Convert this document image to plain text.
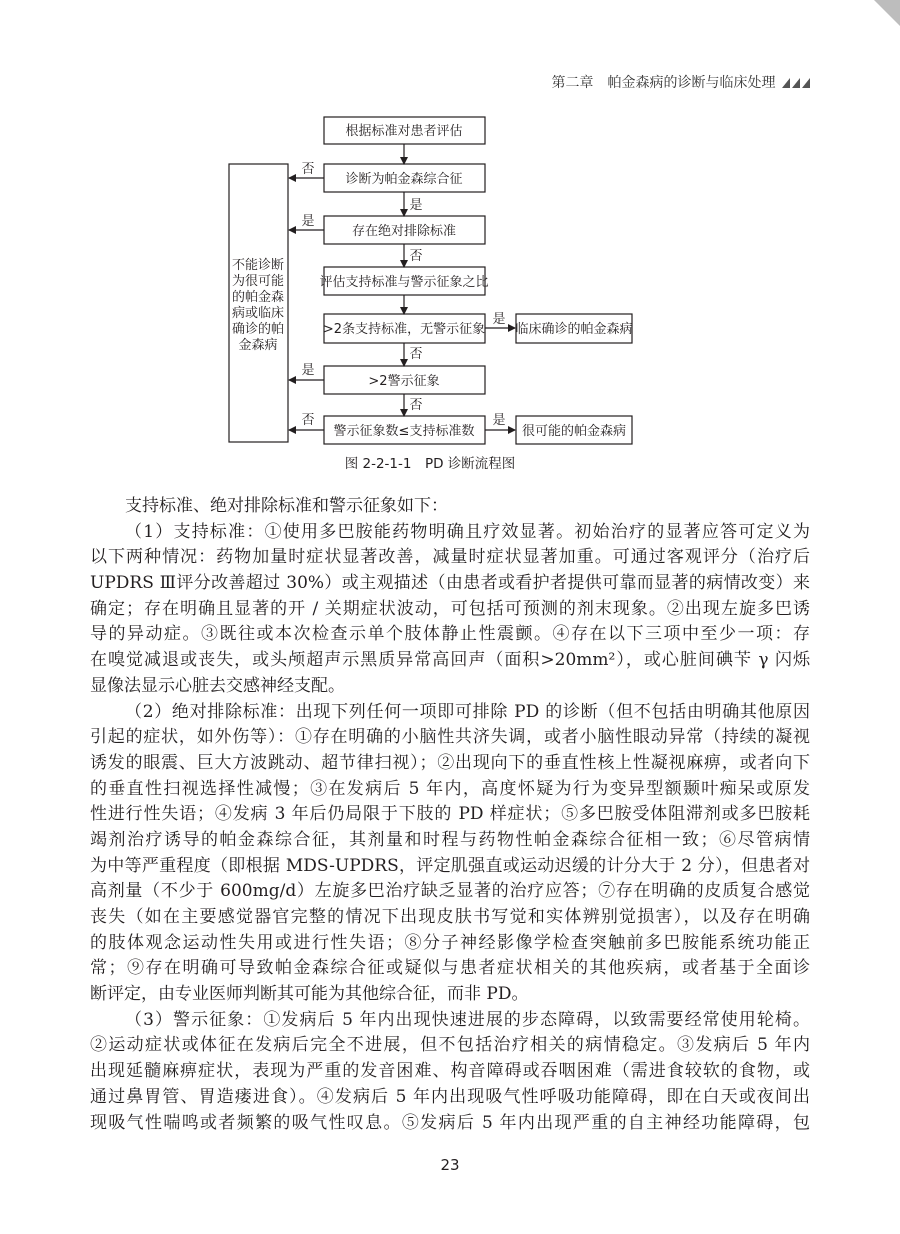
第二章 帕金森病的诊断与临床处理
根据标准对患者评估
诊断为帕金森综合征
存在绝对排除标准
评估支持标准与警示征象之比
>2条支持标准，无警示征象
>2警示征象
警示征象数≤支持标准数
临床确诊的帕金森病
很可能的帕金森病
不能诊断
为很可能
的帕金森
病或临床
确诊的帕
金森病
否
是
是
否
是
否
否
否
是
是
图 2-2-1-1　PD 诊断流程图
支持标准、绝对排除标准和警示征象如下：
（1）支持标准：①使用多巴胺能药物明确且疗效显著。初始治疗的显著应答可定义为
以下两种情况：药物加量时症状显著改善，减量时症状显著加重。可通过客观评分（治疗后
UPDRS Ⅲ评分改善超过 30%）或主观描述（由患者或看护者提供可靠而显著的病情改变）来
确定；存在明确且显著的开 / 关期症状波动，可包括可预测的剂末现象。②出现左旋多巴诱
导的异动症。③既往或本次检查示单个肢体静止性震颤。④存在以下三项中至少一项：存
在嗅觉减退或丧失，或头颅超声示黑质异常高回声（面积>20mm²），或心脏间碘苄 γ 闪烁
显像法显示心脏去交感神经支配。
（2）绝对排除标准：出现下列任何一项即可排除 PD 的诊断（但不包括由明确其他原因
引起的症状，如外伤等）：①存在明确的小脑性共济失调，或者小脑性眼动异常（持续的凝视
诱发的眼震、巨大方波跳动、超节律扫视）；②出现向下的垂直性核上性凝视麻痹，或者向下
的垂直性扫视选择性减慢；③在发病后 5 年内，高度怀疑为行为变异型额颞叶痴呆或原发
性进行性失语；④发病 3 年后仍局限于下肢的 PD 样症状；⑤多巴胺受体阻滞剂或多巴胺耗
竭剂治疗诱导的帕金森综合征，其剂量和时程与药物性帕金森综合征相一致；⑥尽管病情
为中等严重程度（即根据 MDS-UPDRS，评定肌强直或运动迟缓的计分大于 2 分），但患者对
高剂量（不少于 600mg/d）左旋多巴治疗缺乏显著的治疗应答；⑦存在明确的皮质复合感觉
丧失（如在主要感觉器官完整的情况下出现皮肤书写觉和实体辨别觉损害），以及存在明确
的肢体观念运动性失用或进行性失语；⑧分子神经影像学检查突触前多巴胺能系统功能正
常；⑨存在明确可导致帕金森综合征或疑似与患者症状相关的其他疾病，或者基于全面诊
断评定，由专业医师判断其可能为其他综合征，而非 PD。
（3）警示征象：①发病后 5 年内出现快速进展的步态障碍，以致需要经常使用轮椅。
②运动症状或体征在发病后完全不进展，但不包括治疗相关的病情稳定。③发病后 5 年内
出现延髓麻痹症状，表现为严重的发音困难、构音障碍或吞咽困难（需进食较软的食物，或
通过鼻胃管、胃造瘘进食）。④发病后 5 年内出现吸气性呼吸功能障碍，即在白天或夜间出
现吸气性喘鸣或者频繁的吸气性叹息。⑤发病后 5 年内出现严重的自主神经功能障碍，包
23
